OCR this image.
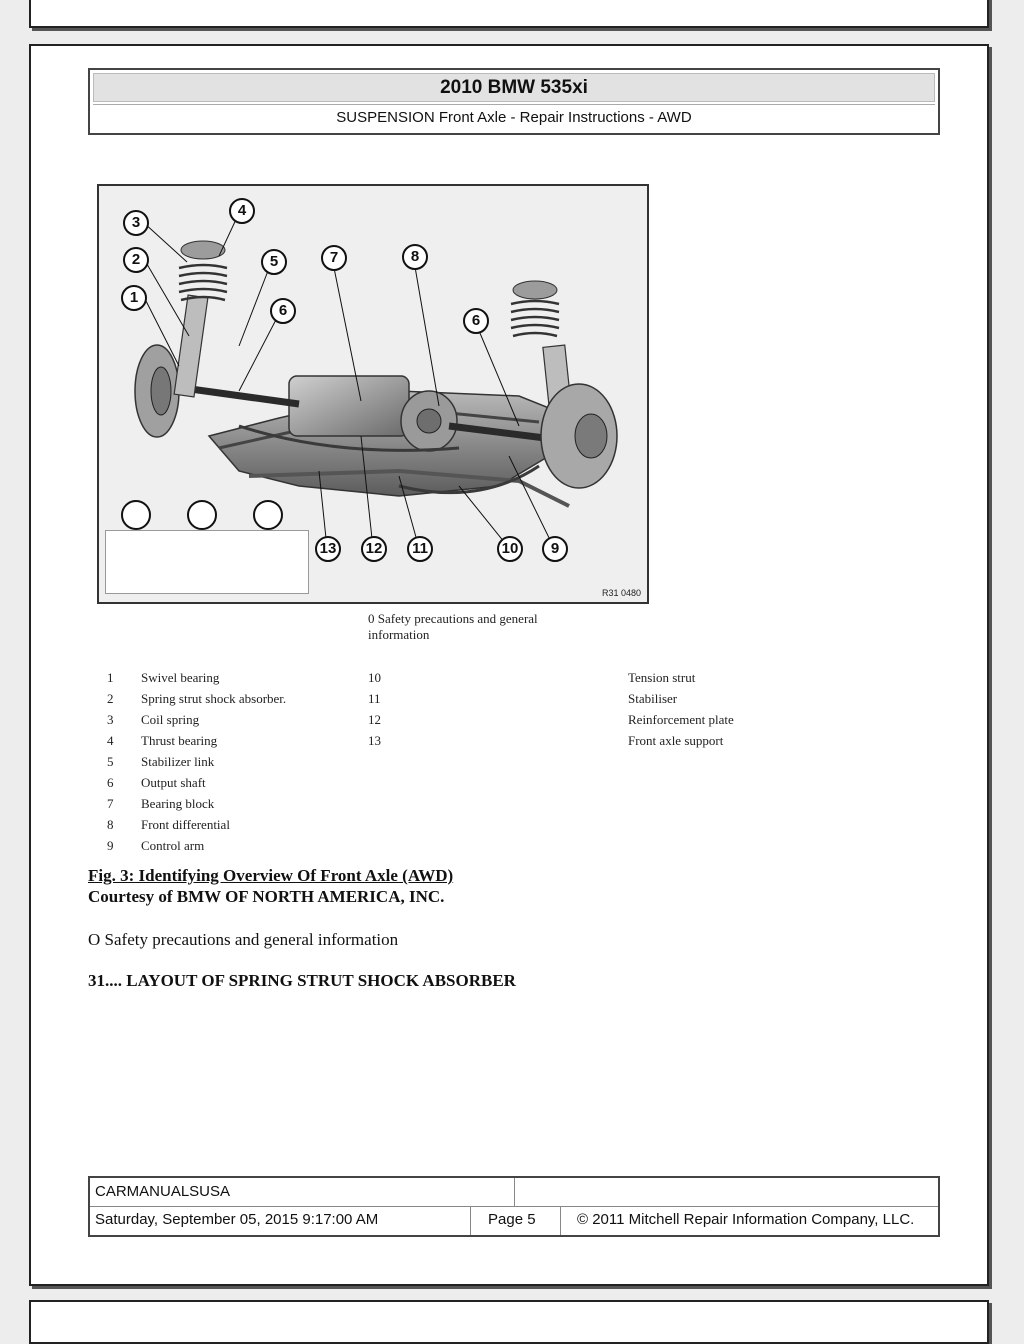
2010 BMW 535xi
SUSPENSION Front Axle - Repair Instructions - AWD
1
2
3
4
5
6
6
7	8
9
10
11
12
13
R31 0480
0 Safety precautions and general information
1 Swivel bearing
2 Spring strut shock absorber.
3 Coil spring
4 Thrust bearing
5 Stabilizer link
6 Output shaft
7 Bearing block
8 Front differential
9 Control arm
10	Tension strut
11	Stabiliser
12	Reinforcement plate
13	Front axle support
Fig. 3: Identifying Overview Of Front Axle (AWD)
Courtesy of BMW OF NORTH AMERICA, INC.
O Safety precautions and general information
31.... LAYOUT OF SPRING STRUT SHOCK ABSORBER
CARMANUALSUSA
Saturday, September 05, 2015 9:17:00 AM	Page 5	© 2011 Mitchell Repair Information Company, LLC.
